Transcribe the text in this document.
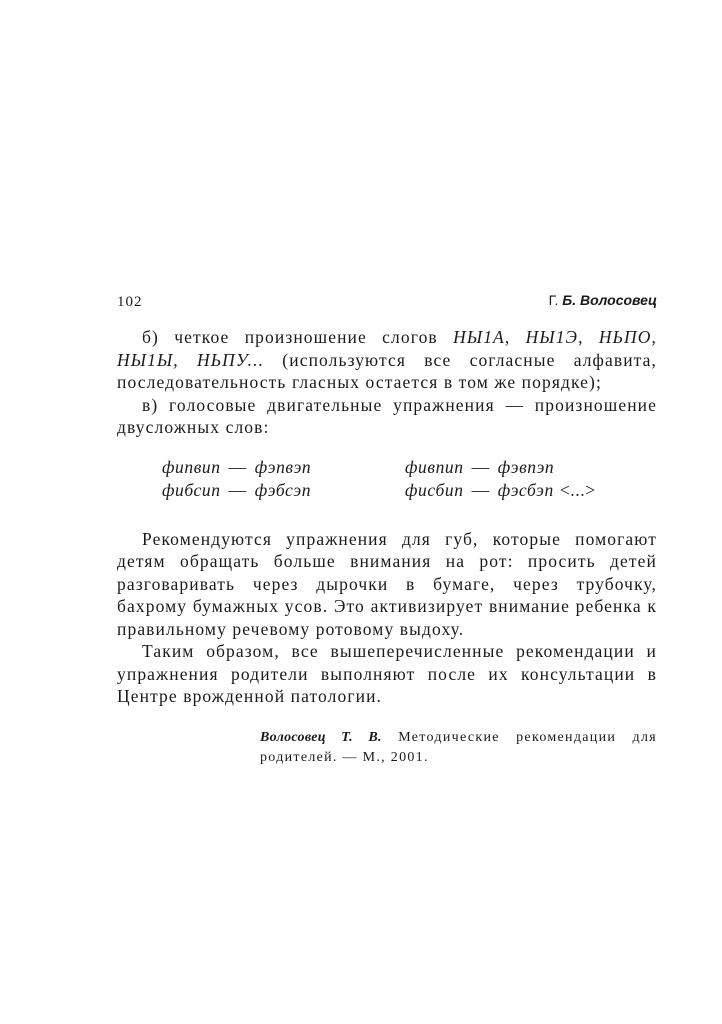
102	Г. Б. Волосовец

б) четкое произношение слогов НЫ1А, НЫ1Э, НЬПО, НЫ1Ы, НЬПУ... (используются все согласные алфавита, последовательность гласных остается в том же порядке);

в) голосовые двигательные упражнения — произношение двусложных слов:

фипвип — фэпвэп
фибсип — фэбсэп
фивпип — фэвпэп
фисбип — фэсбэп <...>

Рекомендуются упражнения для губ, которые помогают детям обращать больше внимания на рот: просить детей разговаривать через дырочки в бумаге, через трубочку, бахрому бумажных усов. Это активизирует внимание ребенка к правильному речевому ротовому выдоху.

Таким образом, все вышеперечисленные рекомендации и упражнения родители выполняют после их консультации в Центре врожденной патологии.

Волосовец Т. В. Методические рекомендации для родителей. — М., 2001.
